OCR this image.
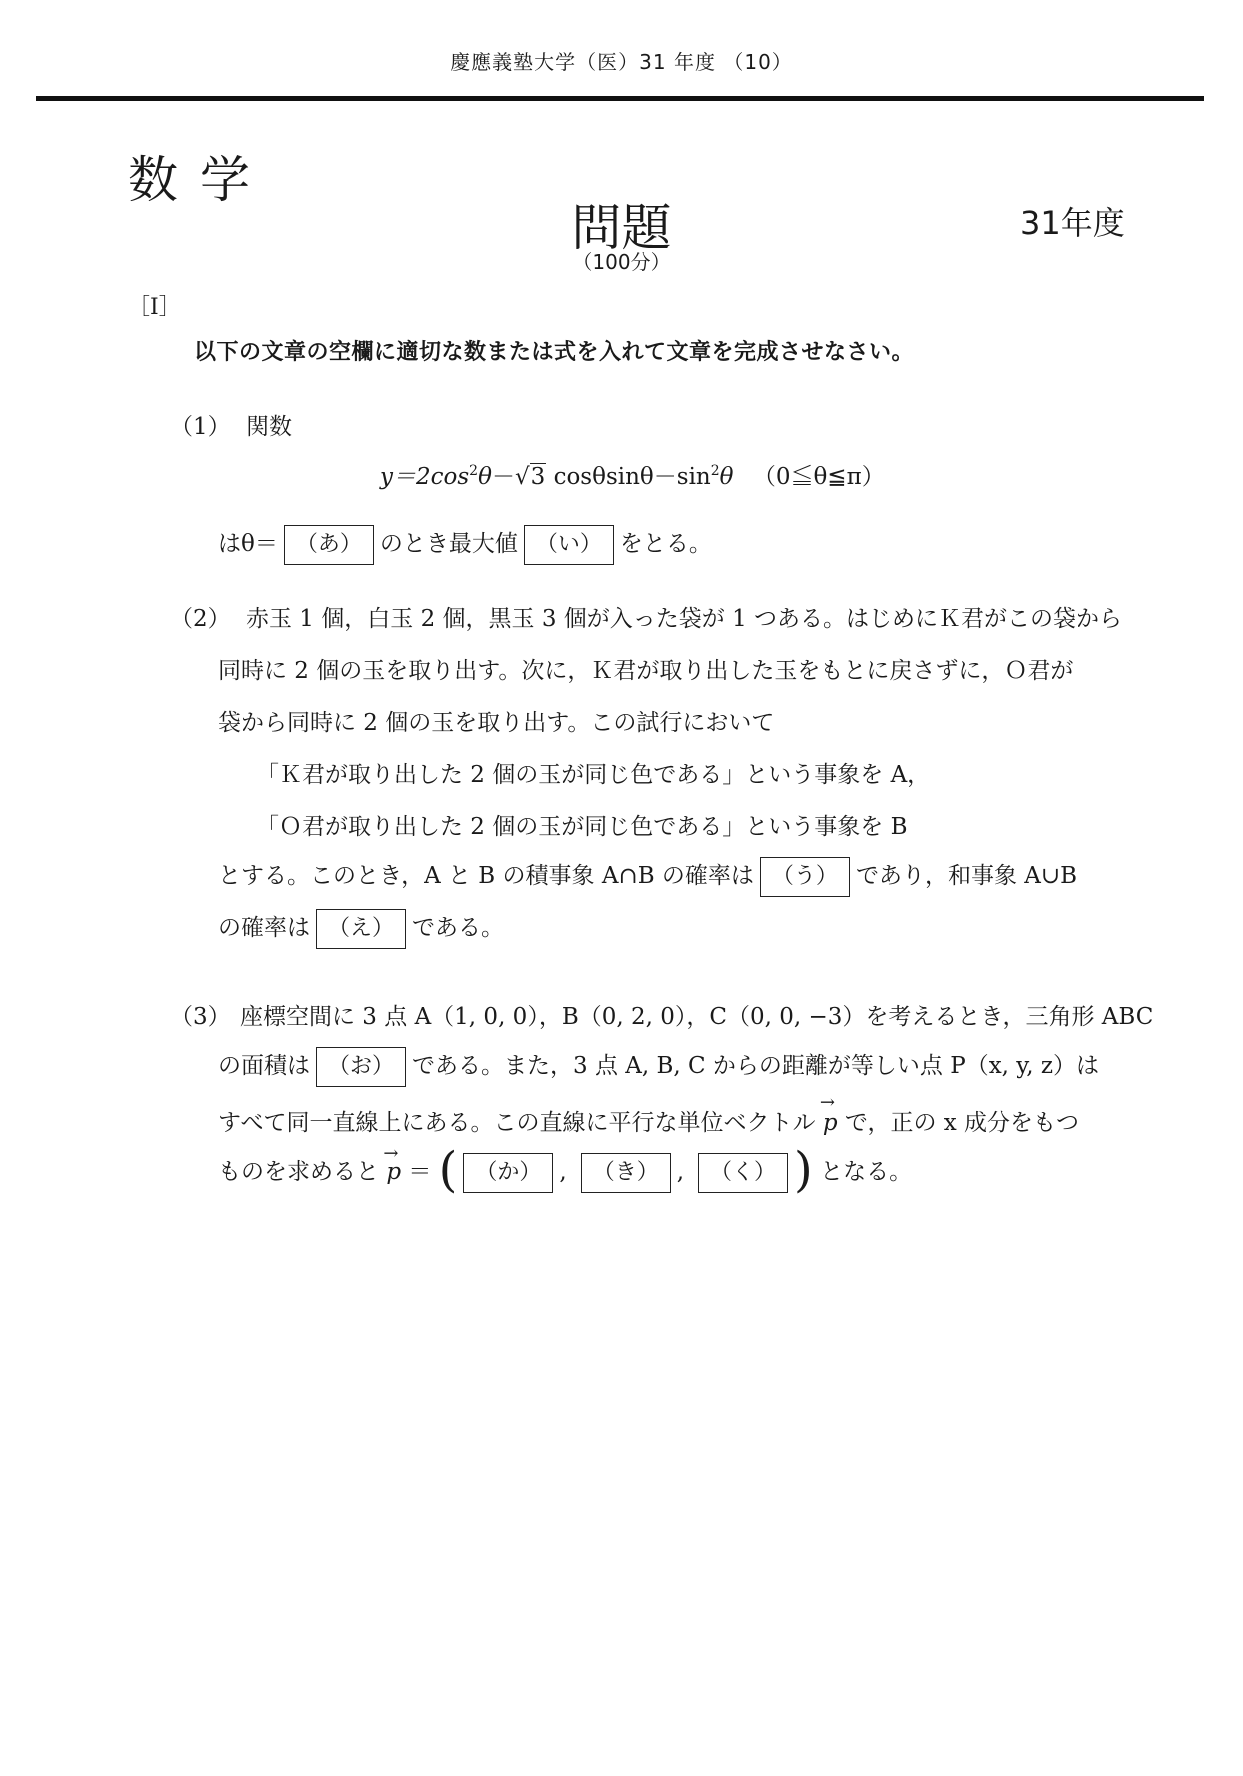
慶應義塾大学（医）31 年度 （10）
数学
問題	31年度
（100分）
［Ⅰ］
以下の文章の空欄に適切な数または式を入れて文章を完成させなさい。
（1） 関数
$y=2\cos^2\theta-√3$ $\cos\theta\sin\theta-\sin^2\theta$ （0≦θ≦π）
はθ＝ （あ） のとき最大値 （い） をとる。
（2） 赤玉 1 個，白玉 2 個，黒玉 3 個が入った袋が 1 つある。はじめにＫ君がこの袋から
同時に 2 個の玉を取り出す。次に，Ｋ君が取り出した玉をもとに戻さずに，Ｏ君が
袋から同時に 2 個の玉を取り出す。この試行において
「Ｋ君が取り出した 2 個の玉が同じ色である」という事象を A，
「Ｏ君が取り出した 2 個の玉が同じ色である」という事象を B
とする。このとき，A と B の積事象 A∩B の確率は （う） であり，和事象 A∪B
の確率は （え） である。
（3） 座標空間に 3 点 A（1, 0, 0），B（0, 2, 0），C（0, 0, −3）を考えるとき，三角形 ABC
の面積は （お） である。また，3 点 A, B, C からの距離が等しい点 P（x, y, z）は
すべて同一直線上にある。この直線に平行な単位ベクトル
→
p で，正の x 成分をもつ
ものを求めると
→
p ＝ ( （か） , （き） , （く） ) となる。
